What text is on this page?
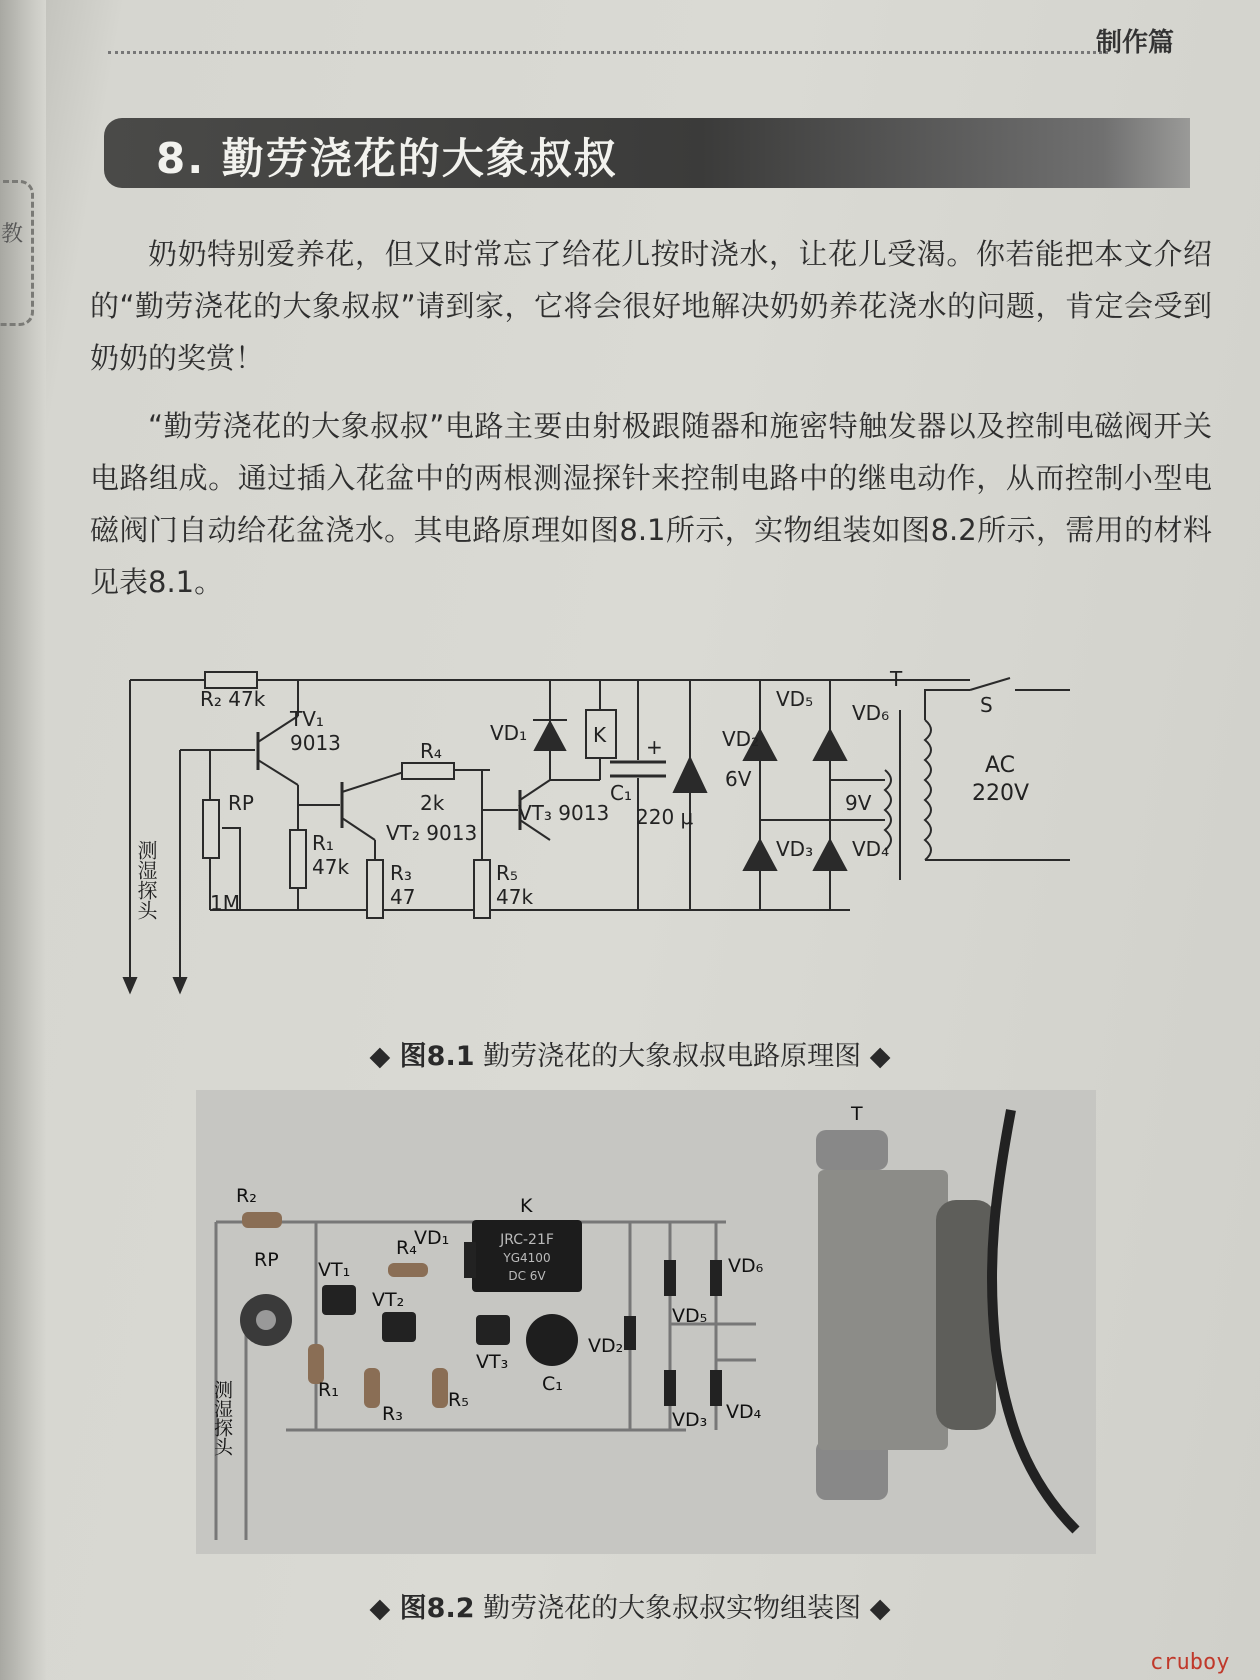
教
制作篇
8. 勤劳浇花的大象叔叔

奶奶特别爱养花，但又时常忘了给花儿按时浇水，让花儿受渴。你若能把本文介绍的“勤劳浇花的大象叔叔”请到家，它将会很好地解决奶奶养花浇水的问题，肯定会受到奶奶的奖赏！

“勤劳浇花的大象叔叔”电路主要由射极跟随器和施密特触发器以及控制电磁阀开关电路组成。通过插入花盆中的两根测湿探针来控制电路中的继电动作，从而控制小型电磁阀门自动给花盆浇水。其电路原理如图8.1所示，实物组装如图8.2所示，需用的材料见表8.1。

R₂ 47k
TV₁
9013	R₄
2k
VT₂ 9013
VT₃ 9013
VD₁	K +
C₁
220 μ
6V
VD₂
VD₅
VD₆
VD₃ VD₄
9V
T
S
AC
220V
RP
1M
R₁
47k R₃
47
R₅
47k
测湿探头
◆ 图8.1 勤劳浇花的大象叔叔电路原理图 ◆
JRC-21F
YG4100
DC 6V
T
K
R₂
RP VT₁
R₄
VD₁
VT₂
VT₃
C₁
VD₂
R₁
R₃
R₅
VD₅
VD₆
VD₃ VD₄
测湿探头
◆ 图8.2 勤劳浇花的大象叔叔实物组装图 ◆
cruboy
